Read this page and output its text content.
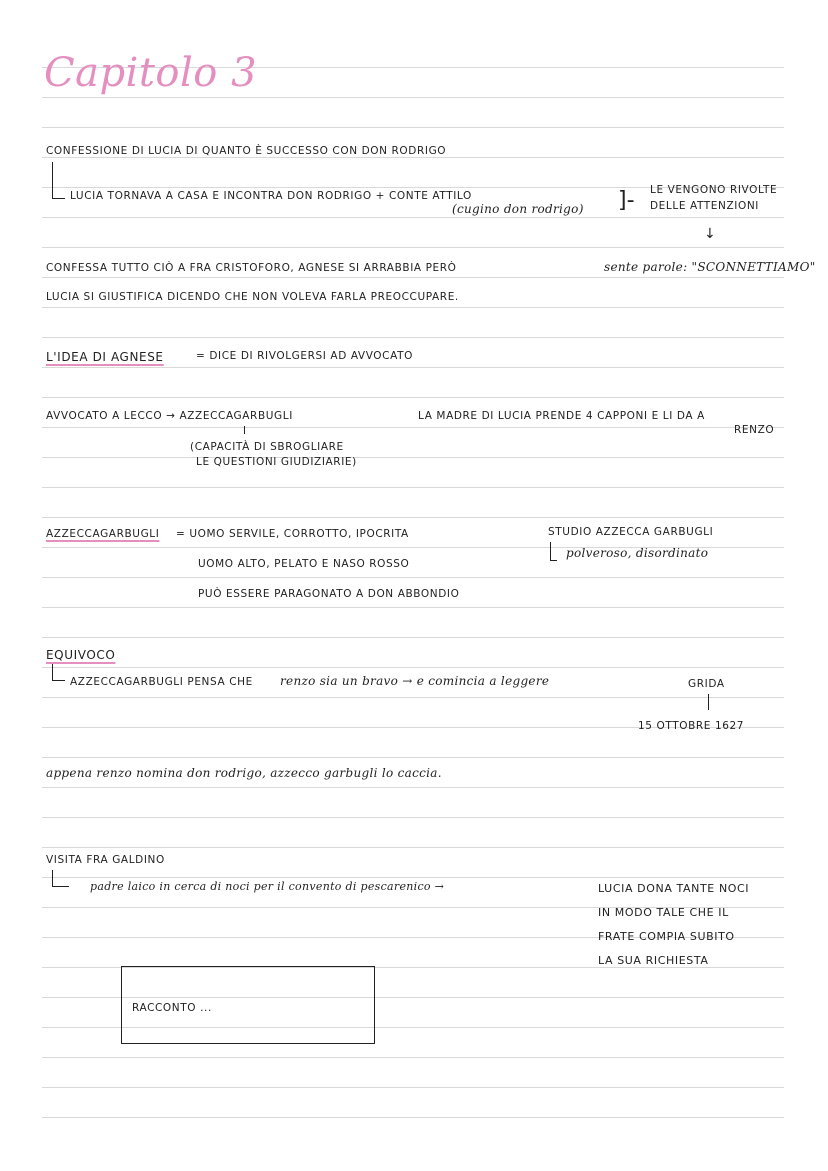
Capitolo 3
CONFESSIONE DI LUCIA DI QUANTO È SUCCESSO CON DON RODRIGO
LUCIA TORNAVA A CASA E INCONTRA DON RODRIGO + CONTE ATTILO
(cugino don rodrigo) ]- LE VENGONO RIVOLTE
DELLE ATTENZIONI
↓
CONFESSA TUTTO CIÒ A FRA CRISTOFORO, AGNESE SI ARRABBIA PERÒ	sente parole: "SCONNETTIAMO"
LUCIA SI GIUSTIFICA DICENDO CHE NON VOLEVA FARLA PREOCCUPARE.
L'IDEA DI AGNESE	= DICE DI RIVOLGERSI AD AVVOCATO
AVVOCATO A LECCO → AZZECCAGARBUGLI
(CAPACITÀ DI SBROGLIARE
LE QUESTIONI GIUDIZIARIE)
LA MADRE DI LUCIA PRENDE 4 CAPPONI E LI DA A
RENZO
AZZECCAGARBUGLI = UOMO SERVILE, CORROTTO, IPOCRITA
UOMO ALTO, PELATO E NASO ROSSO
PUÒ ESSERE PARAGONATO A DON ABBONDIO
STUDIO AZZECCA GARBUGLI
polveroso, disordinato
EQUIVOCO
AZZECCAGARBUGLI PENSA CHE renzo sia un bravo → e comincia a leggere	GRIDA
15 OTTOBRE 1627
appena renzo nomina don rodrigo, azzecco garbugli lo caccia.
VISITA FRA GALDINO
padre laico in cerca di noci per il convento di pescarenico →	LUCIA DONA TANTE NOCI
IN MODO TALE CHE IL
FRATE COMPIA SUBITO
LA SUA RICHIESTA
RACCONTO ...
